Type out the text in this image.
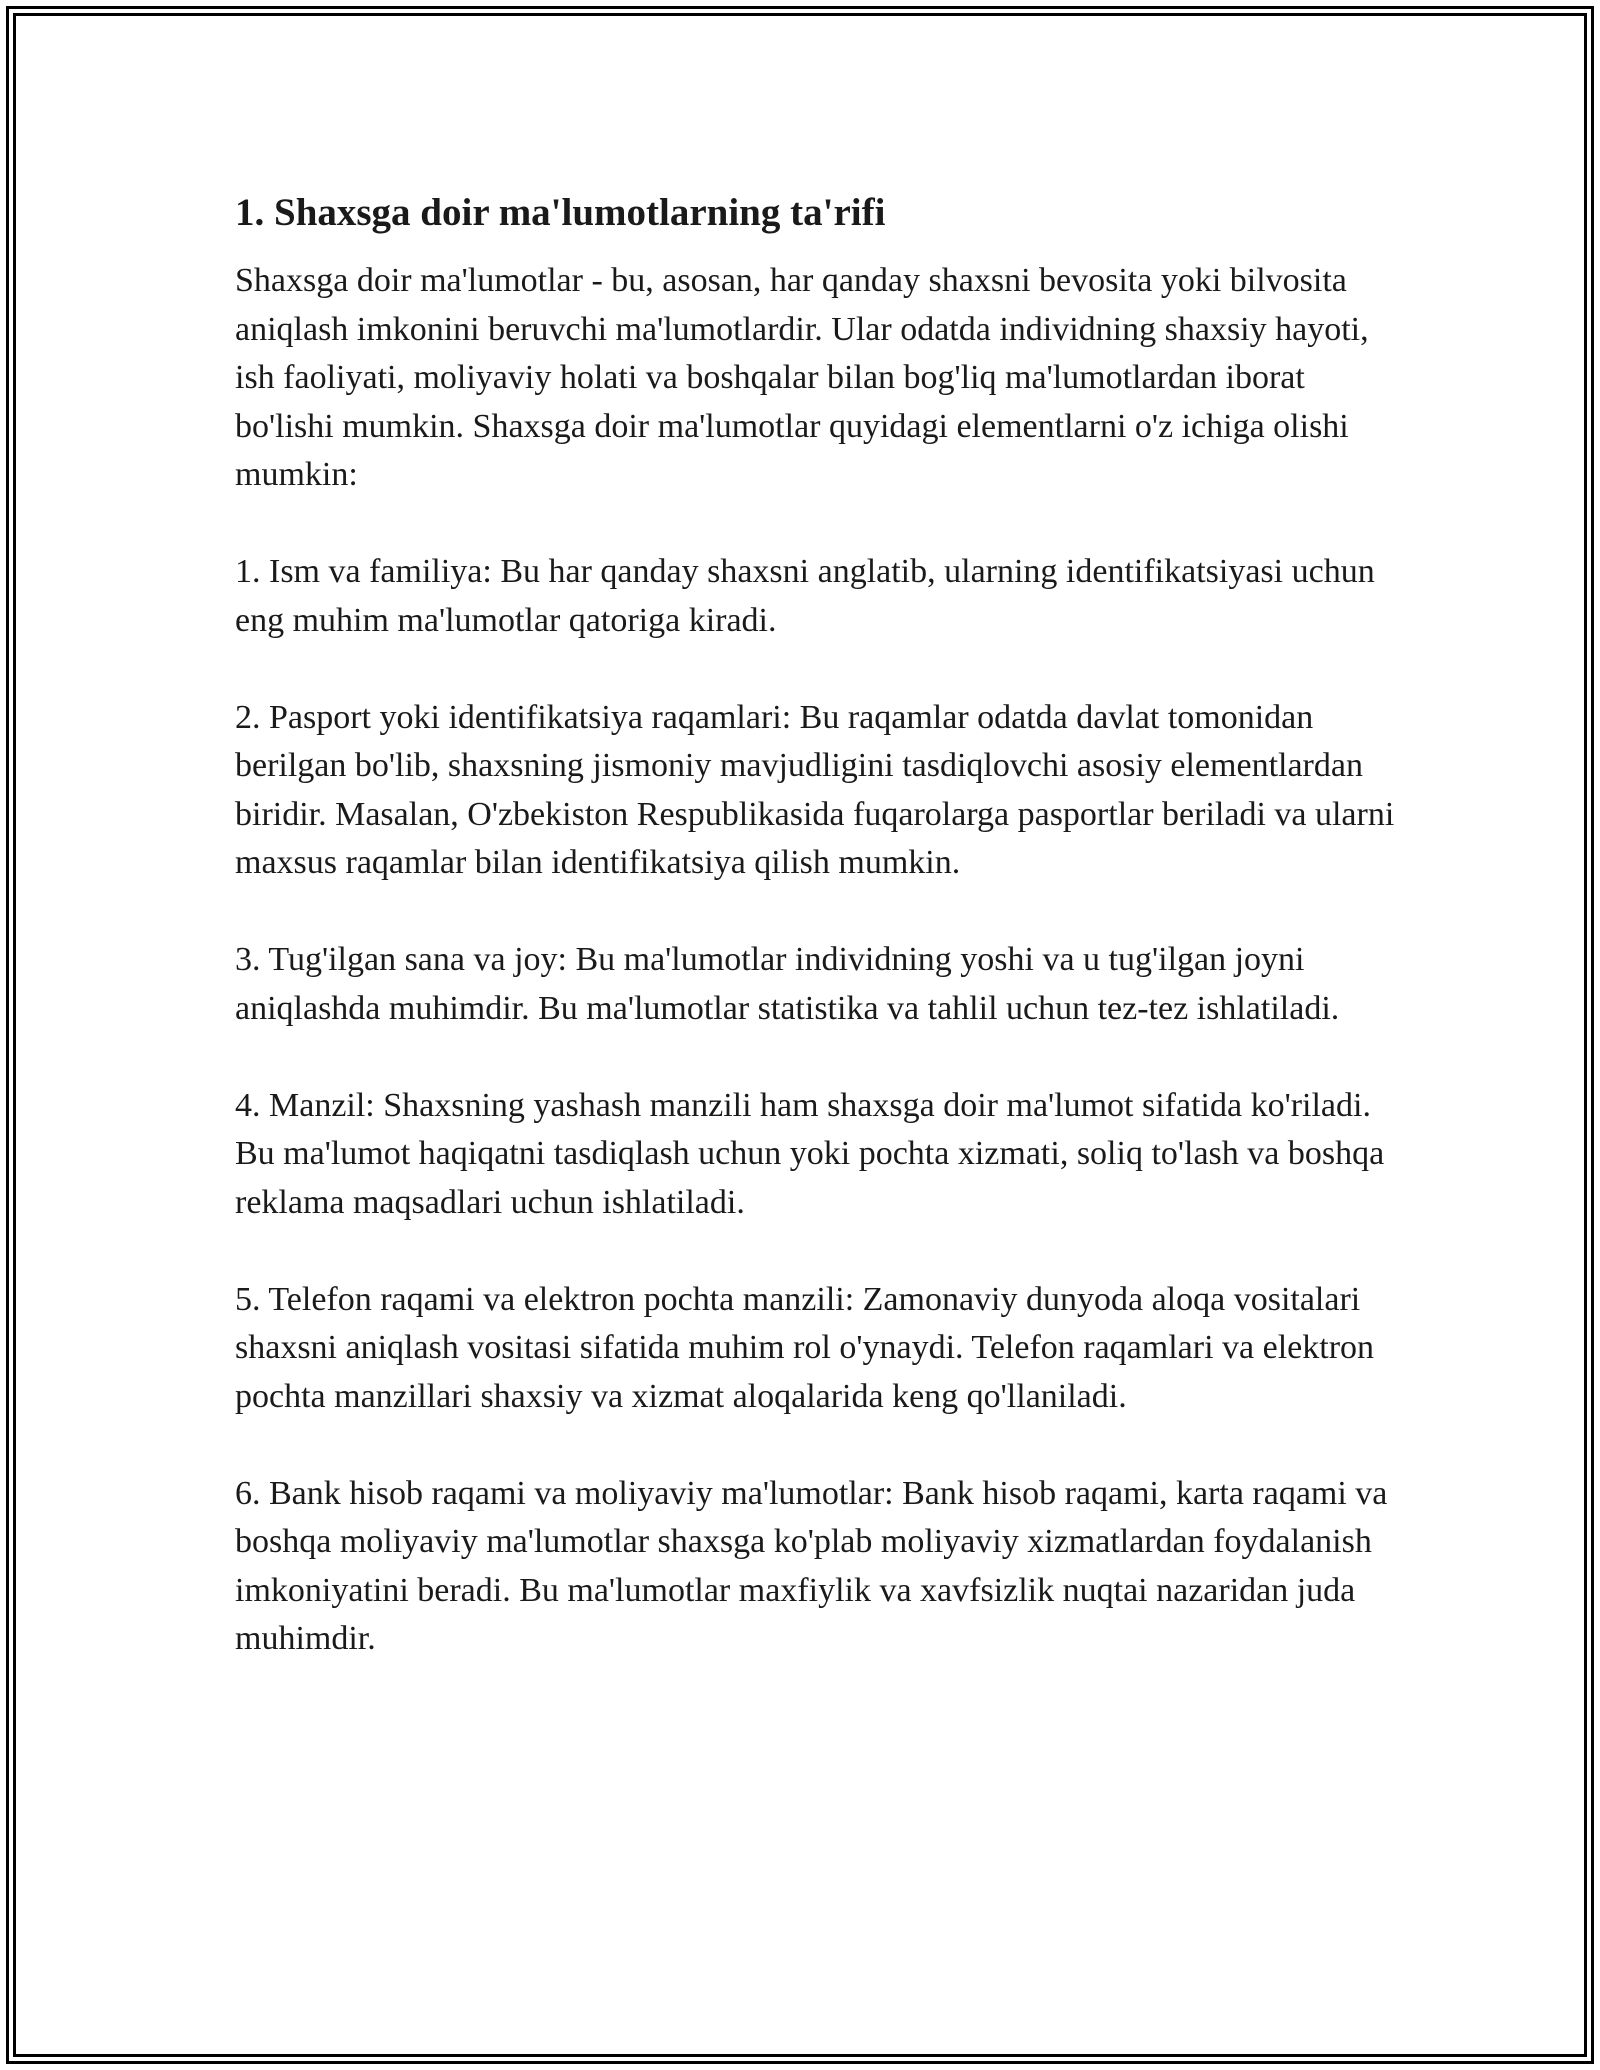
1. Shaxsga doir ma'lumotlarning ta'rifi

Shaxsga doir ma'lumotlar - bu, asosan, har qanday shaxsni bevosita yoki bilvosita aniqlash imkonini beruvchi ma'lumotlardir. Ular odatda individning shaxsiy hayoti, ish faoliyati, moliyaviy holati va boshqalar bilan bog'liq ma'lumotlardan iborat bo'lishi mumkin. Shaxsga doir ma'lumotlar quyidagi elementlarni o'z ichiga olishi mumkin:

1. Ism va familiya: Bu har qanday shaxsni anglatib, ularning identifikatsiyasi uchun eng muhim ma'lumotlar qatoriga kiradi.

2. Pasport yoki identifikatsiya raqamlari: Bu raqamlar odatda davlat tomonidan berilgan bo'lib, shaxsning jismoniy mavjudligini tasdiqlovchi asosiy elementlardan biridir. Masalan, O'zbekiston Respublikasida fuqarolarga pasportlar beriladi va ularni maxsus raqamlar bilan identifikatsiya qilish mumkin.

3. Tug'ilgan sana va joy: Bu ma'lumotlar individning yoshi va u tug'ilgan joyni aniqlashda muhimdir. Bu ma'lumotlar statistika va tahlil uchun tez-tez ishlatiladi.

4. Manzil: Shaxsning yashash manzili ham shaxsga doir ma'lumot sifatida ko'riladi. Bu ma'lumot haqiqatni tasdiqlash uchun yoki pochta xizmati, soliq to'lash va boshqa reklama maqsadlari uchun ishlatiladi.

5. Telefon raqami va elektron pochta manzili: Zamonaviy dunyoda aloqa vositalari shaxsni aniqlash vositasi sifatida muhim rol o'ynaydi. Telefon raqamlari va elektron pochta manzillari shaxsiy va xizmat aloqalarida keng qo'llaniladi.

6. Bank hisob raqami va moliyaviy ma'lumotlar: Bank hisob raqami, karta raqami va boshqa moliyaviy ma'lumotlar shaxsga ko'plab moliyaviy xizmatlardan foydalanish imkoniyatini beradi. Bu ma'lumotlar maxfiylik va xavfsizlik nuqtai nazaridan juda muhimdir.
